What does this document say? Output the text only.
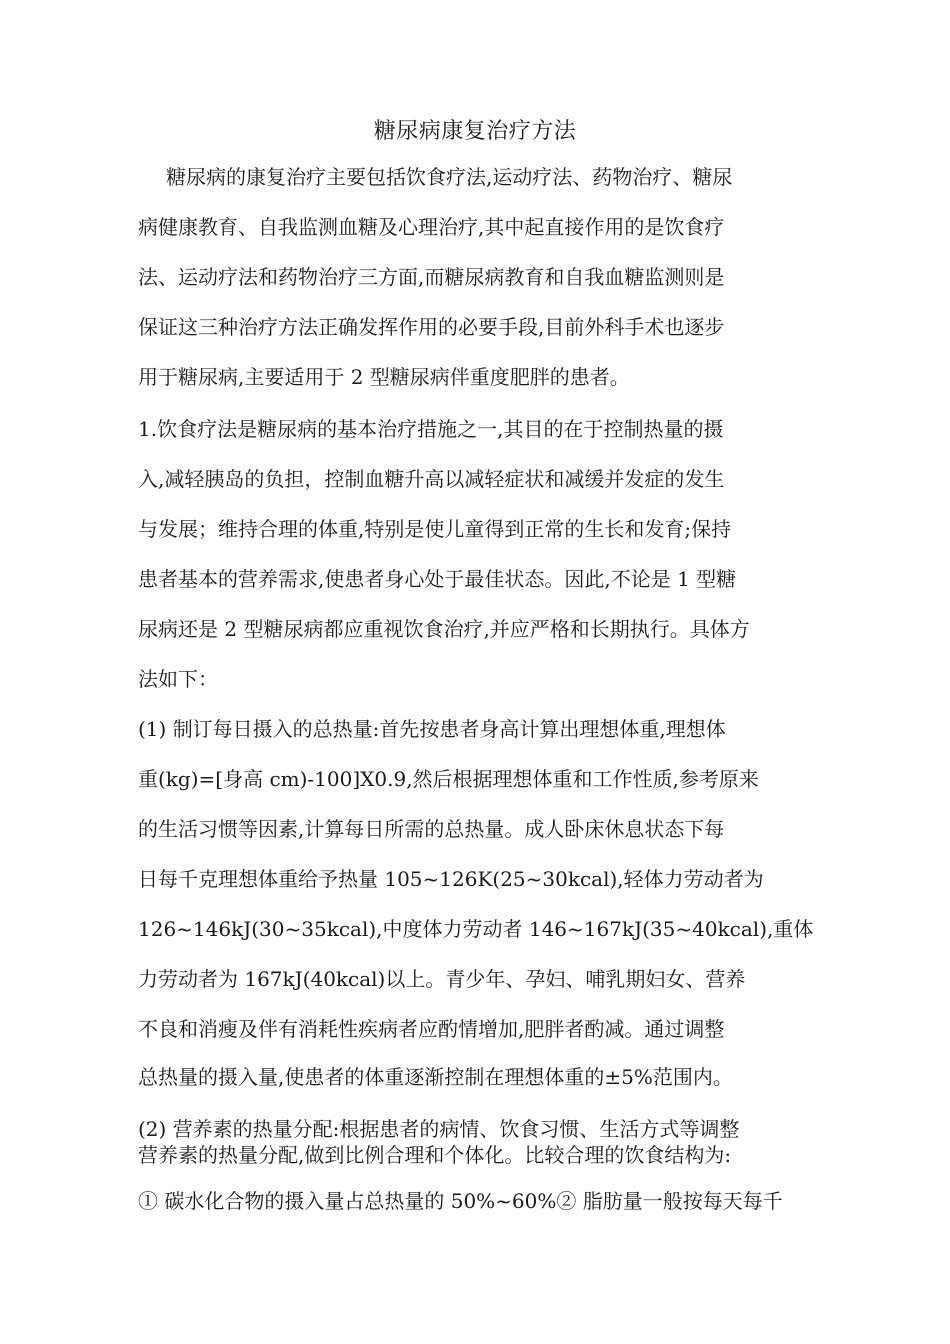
糖尿病康复治疗方法
糖尿病的康复治疗主要包括饮食疗法,运动疗法、药物治疗、糖尿
病健康教育、自我监测血糖及心理治疗,其中起直接作用的是饮食疗
法、运动疗法和药物治疗三方面,而糖尿病教育和自我血糖监测则是
保证这三种治疗方法正确发挥作用的必要手段,目前外科手术也逐步
用于糖尿病,主要适用于 2 型糖尿病伴重度肥胖的患者。
1.饮食疗法是糖尿病的基本治疗措施之一,其目的在于控制热量的摄
入,减轻胰岛的负担，控制血糖升高以减轻症状和减缓并发症的发生
与发展；维持合理的体重,特别是使儿童得到正常的生长和发育;保持
患者基本的营养需求,使患者身心处于最佳状态。因此,不论是 1 型糖
尿病还是 2 型糖尿病都应重视饮食治疗,并应严格和长期执行。具体方
法如下：
(1) 制订每日摄入的总热量:首先按患者身高计算出理想体重,理想体
重(kg)=[身高 cm)-100]X0.9,然后根据理想体重和工作性质,参考原来
的生活习惯等因素,计算每日所需的总热量。成人卧床休息状态下每
日每千克理想体重给予热量 105~126K(25~30kcal),轻体力劳动者为
126~146kJ(30~35kcal),中度体力劳动者 146~167kJ(35~40kcal),重体
力劳动者为 167kJ(40kcal)以上。青少年、孕妇、哺乳期妇女、营养
不良和消瘦及伴有消耗性疾病者应酌情增加,肥胖者酌减。通过调整
总热量的摄入量,使患者的体重逐渐控制在理想体重的±5%范围内。
(2) 营养素的热量分配:根据患者的病情、饮食习惯、生活方式等调整
营养素的热量分配,做到比例合理和个体化。比较合理的饮食结构为:
① 碳水化合物的摄入量占总热量的 50%~60%② 脂肪量一般按每天每千
